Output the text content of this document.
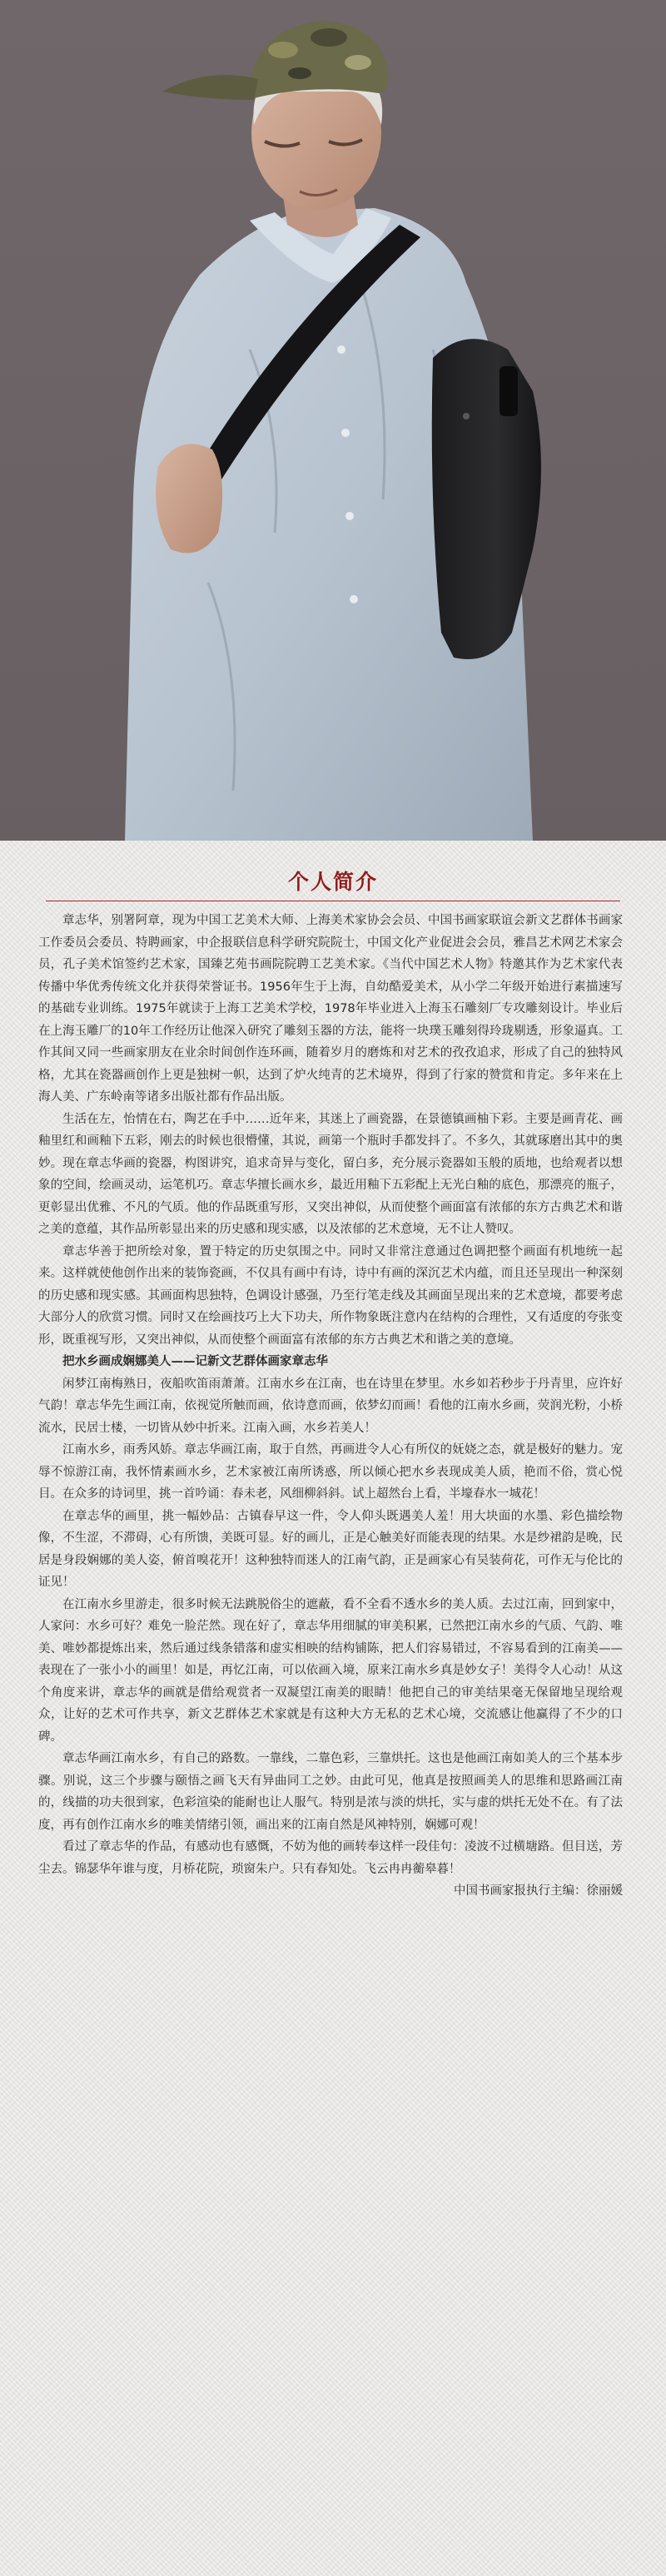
个人简介

章志华，别署阿章，现为中国工艺美术大师、上海美术家协会会员、中国书画家联谊会新文艺群体书画家工作委员会委员、特聘画家，中企报联信息科学研究院院士，中国文化产业促进会会员，雅昌艺术网艺术家会员，孔子美术馆签约艺术家，国臻艺苑书画院院聘工艺美术家。《当代中国艺术人物》特邀其作为艺术家代表传播中华优秀传统文化并获得荣誉证书。1956年生于上海，自幼酷爱美术，从小学二年级开始进行素描速写的基础专业训练。1975年就读于上海工艺美术学校，1978年毕业进入上海玉石雕刻厂专攻雕刻设计。毕业后在上海玉雕厂的10年工作经历让他深入研究了雕刻玉器的方法，能将一块璞玉雕刻得玲珑剔透，形象逼真。工作其间又同一些画家朋友在业余时间创作连环画，随着岁月的磨炼和对艺术的孜孜追求，形成了自己的独特风格，尤其在瓷器画创作上更是独树一帜，达到了炉火纯青的艺术境界，得到了行家的赞赏和肯定。多年来在上海人美、广东岭南等诸多出版社都有作品出版。

生活在左，怡情在右，陶艺在手中……近年来，其迷上了画瓷器，在景德镇画柚下彩。主要是画青花、画釉里红和画釉下五彩，刚去的时候也很懵懂，其说，画第一个瓶时手都发抖了。不多久，其就琢磨出其中的奥妙。现在章志华画的瓷器，构图讲究，追求奇异与变化，留白多，充分展示瓷器如玉般的质地，也给观者以想象的空间，绘画灵动，运笔机巧。章志华擅长画水乡，最近用釉下五彩配上无光白釉的底色，那漂亮的瓶子，更彰显出优雅、不凡的气质。他的作品既重写形，又突出神似，从而使整个画面富有浓郁的东方古典艺术和谐之美的意蕴，其作品所彰显出来的历史感和现实感，以及浓郁的艺术意境，无不让人赞叹。

章志华善于把所绘对象，置于特定的历史氛围之中。同时又非常注意通过色调把整个画面有机地统一起来。这样就使他创作出来的装饰瓷画，不仅具有画中有诗，诗中有画的深沉艺术内蕴，而且还呈现出一种深刻的历史感和现实感。其画面构思独特，色调设计感强，乃至行笔走线及其画面呈现出来的艺术意境，都要考虑大部分人的欣赏习惯。同时又在绘画技巧上大下功夫，所作物象既注意内在结构的合理性，又有适度的夸张变形，既重视写形，又突出神似，从而使整个画面富有浓郁的东方古典艺术和谐之美的意境。

把水乡画成娴娜美人——记新文艺群体画家章志华

闲梦江南梅熟日，夜船吹笛雨萧萧。江南水乡在江南，也在诗里在梦里。水乡如若秒步于丹青里，应许好气韵！章志华先生画江南，依视觉所触而画，依诗意而画，依梦幻而画！看他的江南水乡画，荧润光粉，小桥流水，民居士楼，一切皆从妙中折来。江南入画，水乡若美人！

江南水乡，雨秀风娇。章志华画江南，取于自然，再画进令人心有所仪的妩娆之态，就是极好的魅力。宠辱不惊游江南，我怀情素画水乡，艺术家被江南所诱惑，所以倾心把水乡表现成美人质，艳而不俗，赏心悦目。在众多的诗词里，挑一首吟诵：春未老，风细柳斜斜。试上超然台上看，半壕春水一城花！

在章志华的画里，挑一幅妙品：古镇春早这一件，令人仰头既遇美人羞！用大块面的水墨、彩色描绘物像，不生涩，不滞碍，心有所馈，美既可显。好的画儿，正是心触美好而能表现的结果。水是纱裙韵是晚，民居是身段娴娜的美人姿，俯首嗅花开！这种独特而迷人的江南气韵，正是画家心有吴装荷花，可作无与伦比的证见！

在江南水乡里游走，很多时候无法跳脱俗尘的遮蔽，看不全看不透水乡的美人质。去过江南，回到家中，人家问：水乡可好？难免一脸茫然。现在好了，章志华用细腻的审美积累，已然把江南水乡的气质、气韵、唯美、唯妙都提炼出来，然后通过线条错落和虚实相映的结构铺陈，把人们容易错过，不容易看到的江南美——表现在了一张小小的画里！如是，再忆江南，可以依画入境，原来江南水乡真是妙女子！美得令人心动！从这个角度来讲，章志华的画就是借给观赏者一双凝望江南美的眼睛！他把自己的审美结果毫无保留地呈现给观众，让好的艺术可作共享，新文艺群体艺术家就是有这种大方无私的艺术心境，交流感让他赢得了不少的口碑。

章志华画江南水乡，有自己的路数。一靠线，二靠色彩，三靠烘托。这也是他画江南如美人的三个基本步骤。别说，这三个步骤与颐悟之画飞天有异曲同工之妙。由此可见，他真是按照画美人的思维和思路画江南的，线描的功夫很到家，色彩渲染的能耐也让人服气。特别是浓与淡的烘托，实与虚的烘托无处不在。有了法度，再有创作江南水乡的唯美情绪引领，画出来的江南自然是风神特别，娴娜可观！

看过了章志华的作品，有感动也有感慨，不妨为他的画转奉这样一段佳句：凌波不过横塘路。但目送，芳尘去。锦瑟华年谁与度，月桥花院，琐窗朱户。只有春知处。飞云冉冉蘅皋暮！

中国书画家报执行主编：徐丽媛
